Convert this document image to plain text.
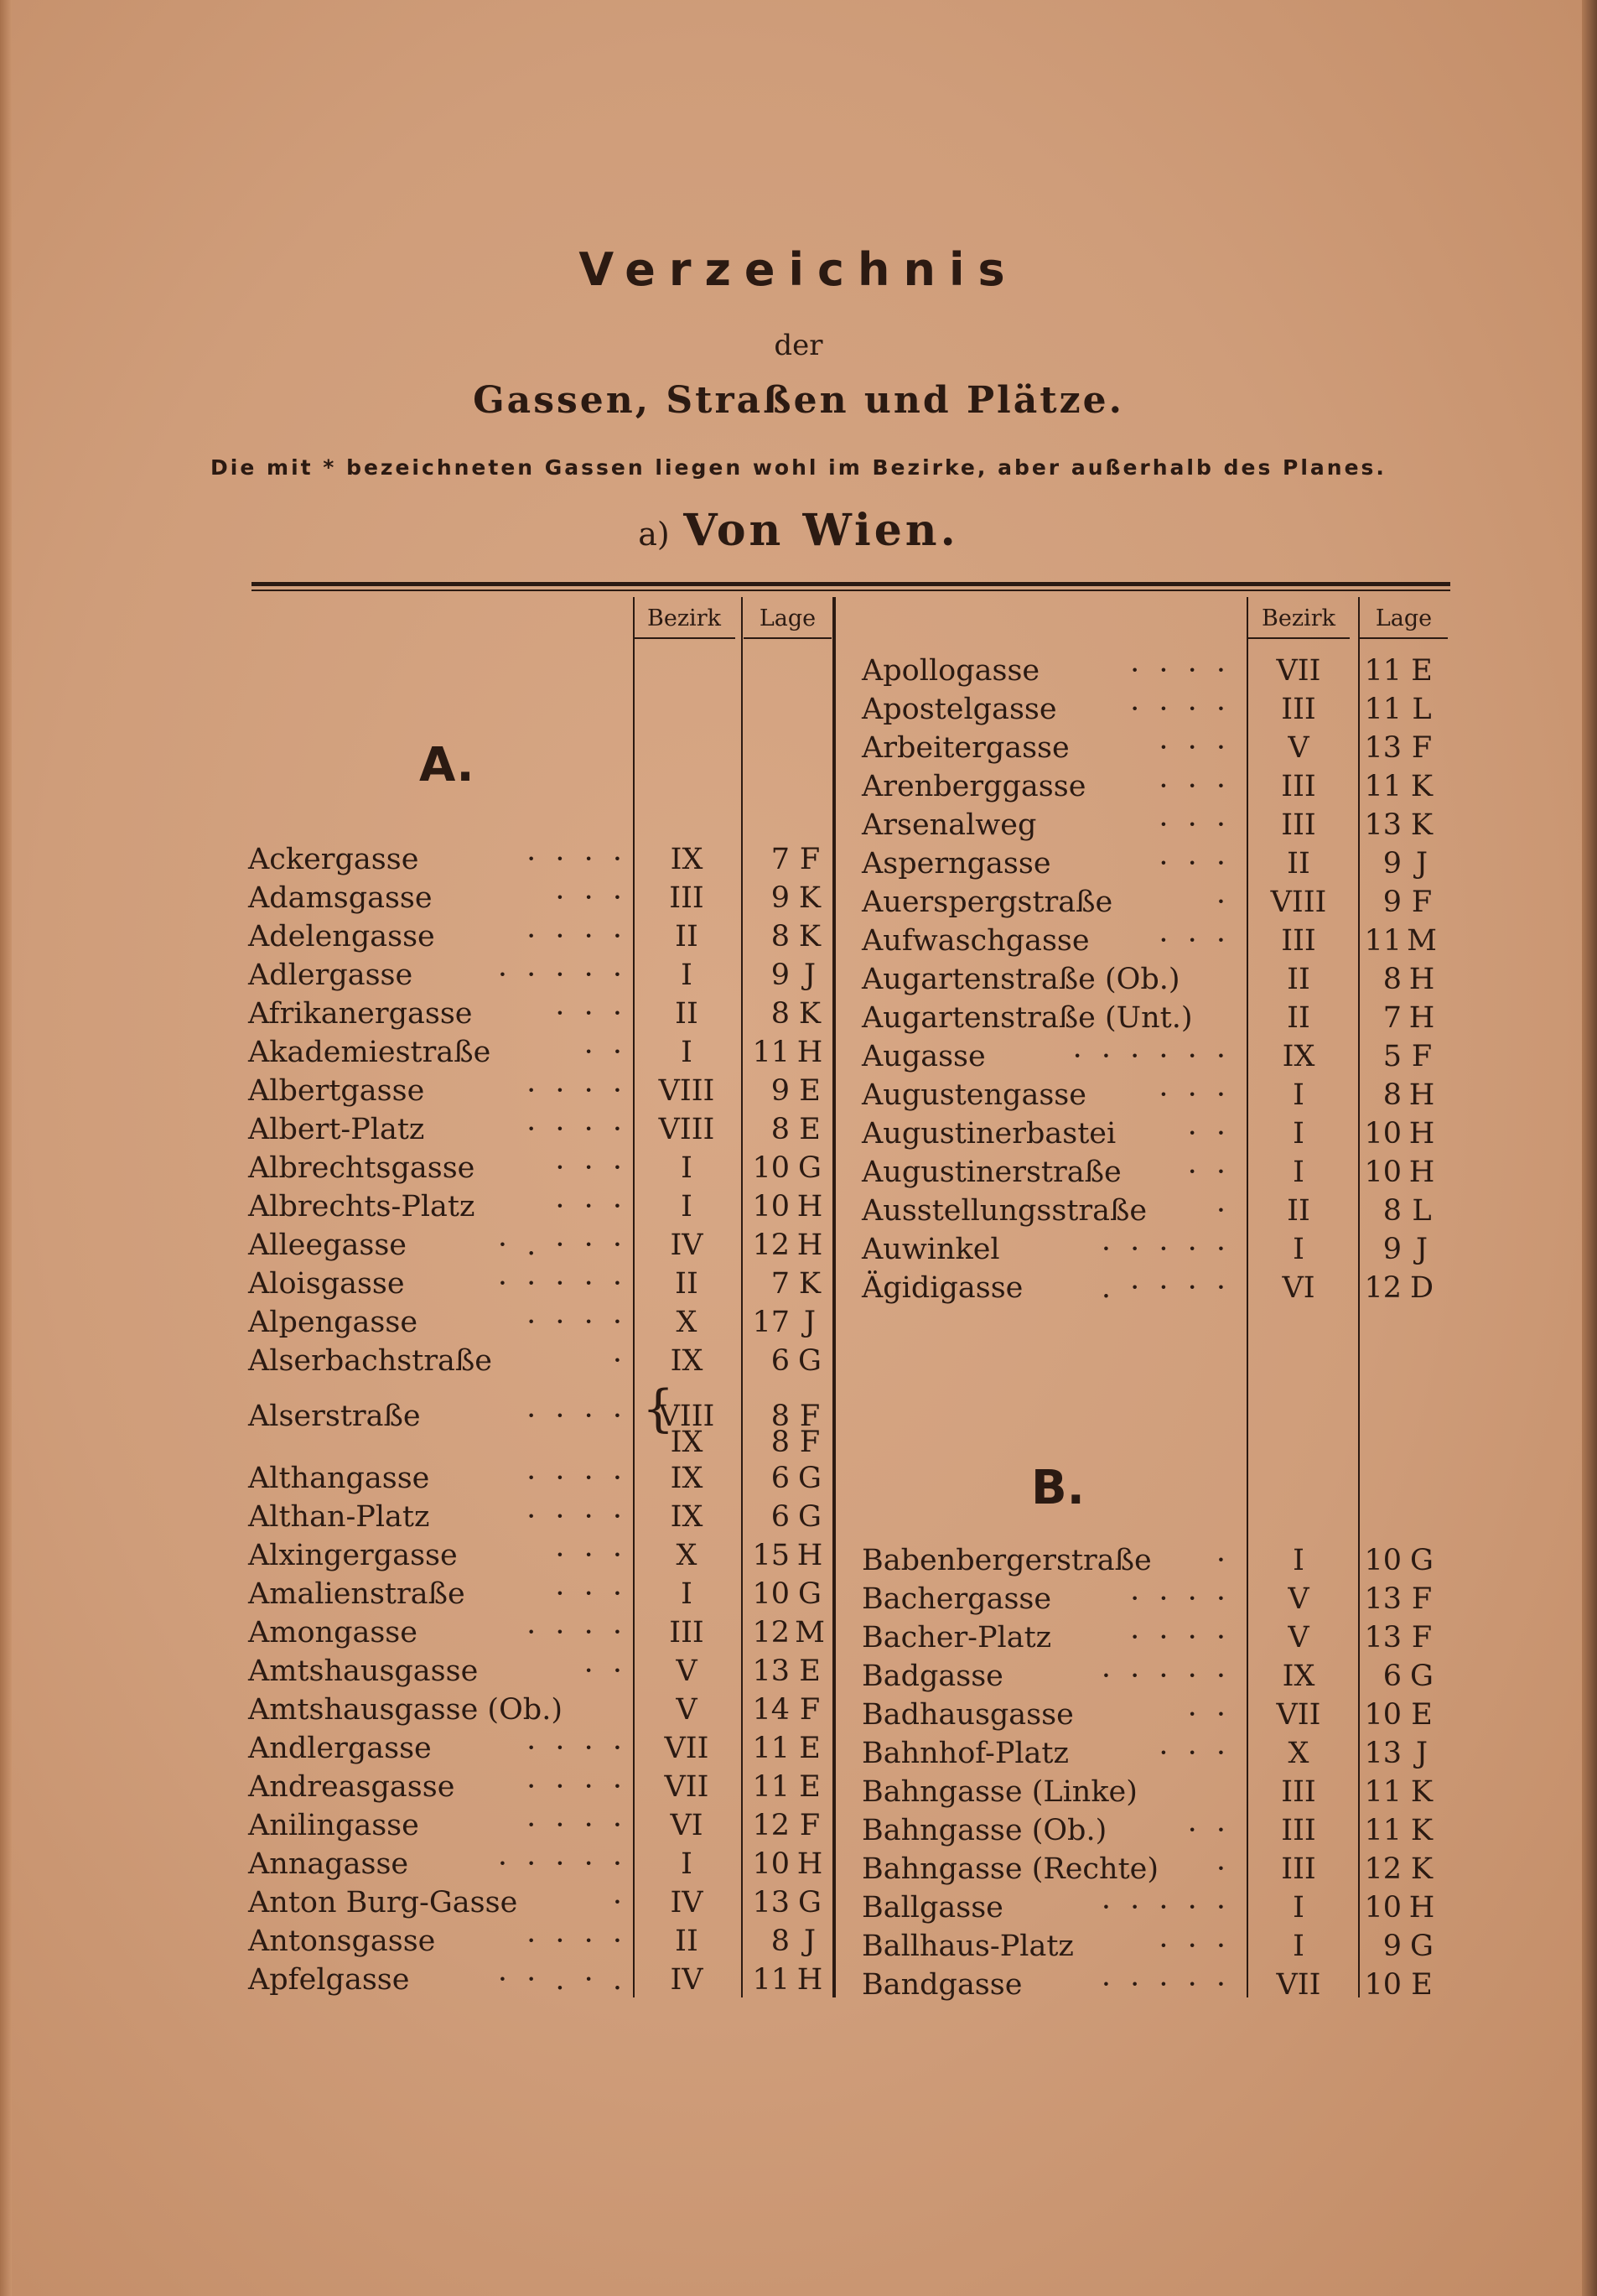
Verzeichnis
der
Gassen, Straßen und Plätze.
Die mit * bezeichneten Gassen liegen wohl im Bezirke, aber außerhalb des Planes.
a) Von Wien.
Bezirk	Lage	Bezirk	Lage
A.
B.
{
Ackergasse	· · · ·	IX	7 F
Adamsgasse	· · ·	III	9 K
Adelengasse	· · · ·	II	8 K
Adlergasse	· · · · ·	I	9 J
Afrikanergasse	· · ·	II	8 K
Akademiestraße	· ·	I	11 H
Albertgasse	· · · ·	VIII	9 E
Albert-Platz	· · · ·	VIII	8 E
Albrechtsgasse	· · ·	I	10 G
Albrechts-Platz	· · ·	I	10 H
Alleegasse	· . · · ·	IV	12 H
Aloisgasse	· · · · ·	II	7 K
Alpengasse	· · · ·	X	17 J
Alserbachstraße	·	IX	6 G
Alserstraße	· · · ·	VIII	8 F
IX	8 F
Althangasse	· · · ·	IX	6 G
Althan-Platz	· · · ·	IX	6 G
Alxingergasse	· · ·	X	15 H
Amalienstraße	· · ·	I	10 G
Amongasse	· · · ·	III	12 M
Amtshausgasse	· ·	V	13 E
Amtshausgasse (Ob.)	V	14 F
Andlergasse	· · · ·	VII	11 E
Andreasgasse · · · ·	VII	11 E
Anilingasse	· · · ·	VI	12 F
Annagasse	· · · · ·	I	10 H
Anton Burg-Gasse	·	IV	13 G
Antonsgasse	· · · ·	II	8 J
Apfelgasse	· · . · .	IV	11 H
Apollogasse	· · · ·	VII	11 E
Apostelgasse	· · · ·	III	11 L
Arbeitergasse	· · ·	V	13 F
Arenberggasse · · ·	III	11 K
Arsenalweg	· · ·	III	13 K
Asperngasse	· · ·	II	9 J
Auerspergstraße	·	VIII	9 F
Aufwaschgasse · · ·	III	11 M
Augartenstraße (Ob.)	II	8 H
Augartenstraße (Unt.)	II	7 H
Augasse	· · · · · ·	IX	5 F
Augustengasse · · ·	I	8 H
Augustinerbastei · ·	I	10 H
Augustinerstraße · ·	I	10 H
Ausstellungsstraße ·	II	8 L
Auwinkel	· · · · ·	I	9 J
Ägidigasse	. · · · ·	VI	12 D
Babenbergerstraße ·	I	10 G
Bachergasse	· · · ·	V	13 F
Bacher-Platz	· · · ·	V	13 F
Badgasse	· · · · ·	IX	6 G
Badhausgasse	· ·	VII	10 E
Bahnhof-Platz	· · ·	X	13 J
Bahngasse (Linke)	III	11 K
Bahngasse (Ob.)	· ·	III	11 K
Bahngasse (Rechte) ·	III	12 K
Ballgasse	· · · · ·	I	10 H
Ballhaus-Platz	· · ·	I	9 G
Bandgasse	· · · · ·	VII	10 E
